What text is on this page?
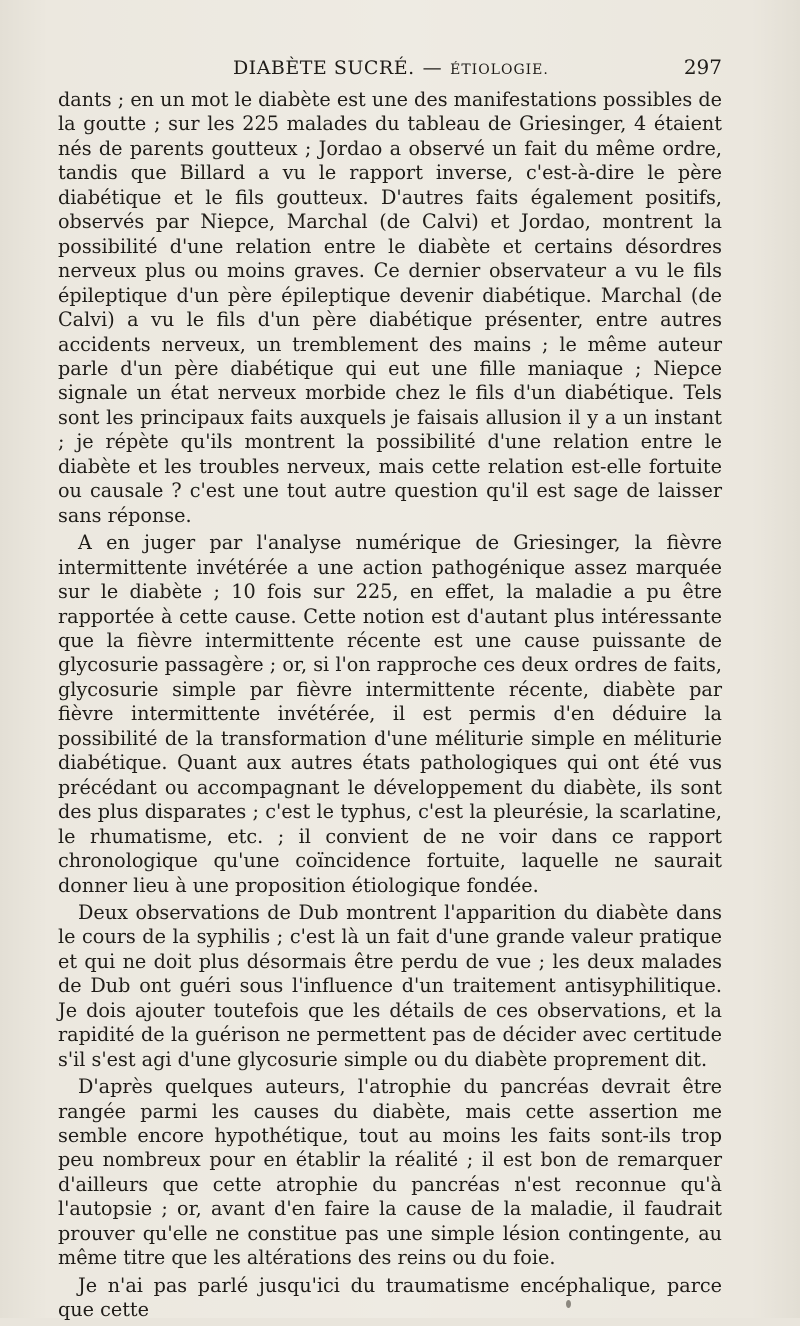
DIABÈTE SUCRÉ. — ÉTIOLOGIE.	297

dants ; en un mot le diabète est une des manifestations possibles de la goutte ; sur les 225 malades du tableau de Griesinger, 4 étaient nés de parents goutteux ; Jordao a observé un fait du même ordre, tandis que Billard a vu le rapport inverse, c'est-à-dire le père diabétique et le fils goutteux. D'autres faits également positifs, observés par Niepce, Marchal (de Calvi) et Jordao, montrent la possibilité d'une relation entre le diabète et certains désordres nerveux plus ou moins graves. Ce dernier observateur a vu le fils épileptique d'un père épileptique devenir diabétique. Marchal (de Calvi) a vu le fils d'un père diabétique présenter, entre autres accidents nerveux, un tremblement des mains ; le même auteur parle d'un père diabétique qui eut une fille maniaque ; Niepce signale un état nerveux morbide chez le fils d'un diabétique. Tels sont les principaux faits auxquels je faisais allusion il y a un instant ; je répète qu'ils montrent la possibilité d'une relation entre le diabète et les troubles nerveux, mais cette relation est-elle fortuite ou causale ? c'est une tout autre question qu'il est sage de laisser sans réponse.

A en juger par l'analyse numérique de Griesinger, la fièvre intermittente invétérée a une action pathogénique assez marquée sur le diabète ; 10 fois sur 225, en effet, la maladie a pu être rapportée à cette cause. Cette notion est d'autant plus intéressante que la fièvre intermittente récente est une cause puissante de glycosurie passagère ; or, si l'on rapproche ces deux ordres de faits, glycosurie simple par fièvre intermittente récente, diabète par fièvre intermittente invétérée, il est permis d'en déduire la possibilité de la transformation d'une méliturie simple en méliturie diabétique. Quant aux autres états pathologiques qui ont été vus précédant ou accompagnant le développement du diabète, ils sont des plus disparates ; c'est le typhus, c'est la pleurésie, la scarlatine, le rhumatisme, etc. ; il convient de ne voir dans ce rapport chronologique qu'une coïncidence fortuite, laquelle ne saurait donner lieu à une proposition étiologique fondée.

Deux observations de Dub montrent l'apparition du diabète dans le cours de la syphilis ; c'est là un fait d'une grande valeur pratique et qui ne doit plus désormais être perdu de vue ; les deux malades de Dub ont guéri sous l'influence d'un traitement antisyphilitique. Je dois ajouter toutefois que les détails de ces observations, et la rapidité de la guérison ne permettent pas de décider avec certitude s'il s'est agi d'une glycosurie simple ou du diabète proprement dit.

D'après quelques auteurs, l'atrophie du pancréas devrait être rangée parmi les causes du diabète, mais cette assertion me semble encore hypothétique, tout au moins les faits sont-ils trop peu nombreux pour en établir la réalité ; il est bon de remarquer d'ailleurs que cette atrophie du pancréas n'est reconnue qu'à l'autopsie ; or, avant d'en faire la cause de la maladie, il faudrait prouver qu'elle ne constitue pas une simple lésion contingente, au même titre que les altérations des reins ou du foie.

Je n'ai pas parlé jusqu'ici du traumatisme encéphalique, parce que cette
